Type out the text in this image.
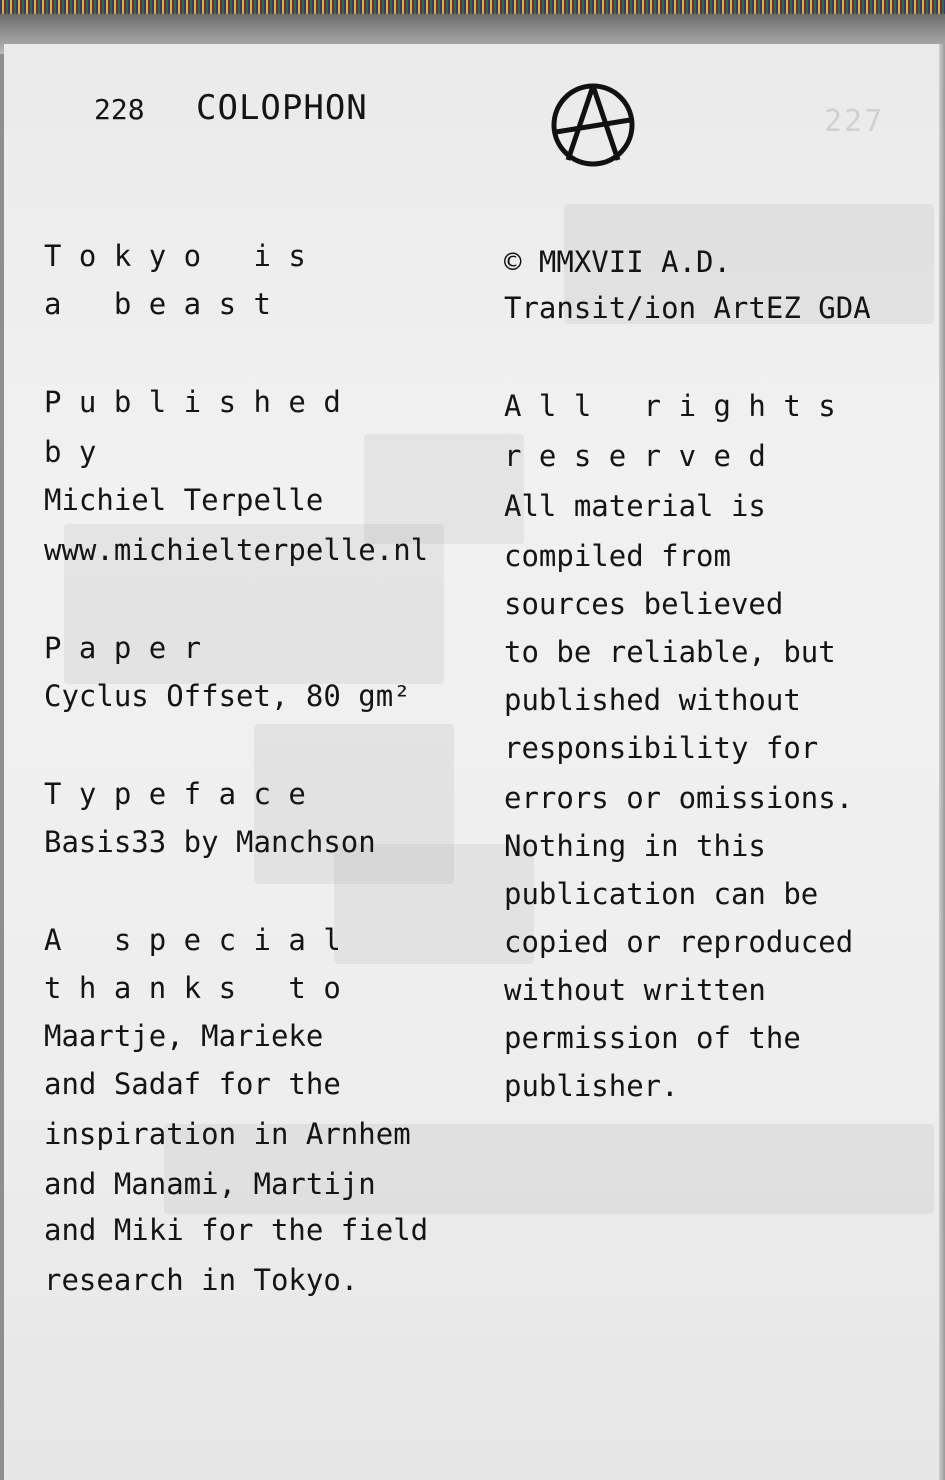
227
228 COLOPHON
T o k y o   i s
a   b e a s t
P u b l i s h e d
b y
Michiel Terpelle
www.michielterpelle.nl
P a p e r
Cyclus Offset, 80 gm²
T y p e f a c e
Basis33 by Manchson
A   s p e c i a l
t h a n k s   t o
Maartje, Marieke
and Sadaf for the
inspiration in Arnhem
and Manami, Martijn
and Miki for the field
research in Tokyo.
© MMXVII A.D.
Transit/ion ArtEZ GDA
A l l   r i g h t s
r e s e r v e d
All material is
compiled from
sources believed
to be reliable, but
published without
responsibility for
errors or omissions.
Nothing in this
publication can be
copied or reproduced
without written
permission of the
publisher.
